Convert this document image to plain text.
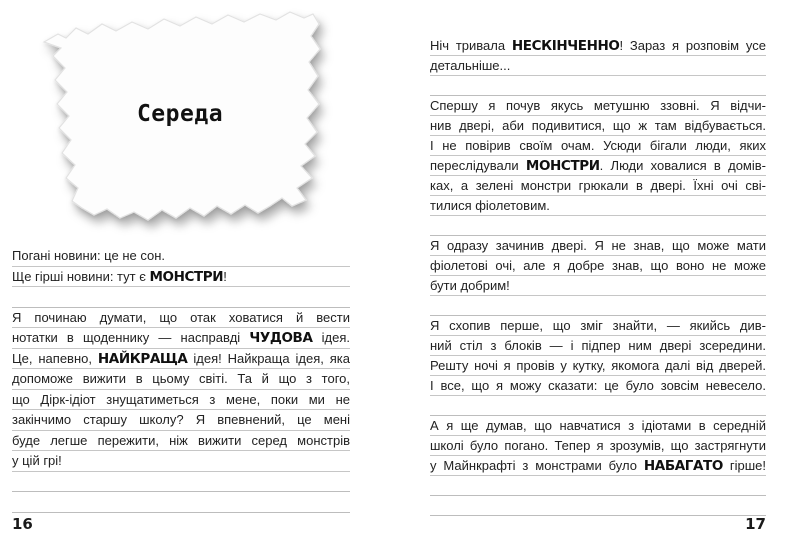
Середа
Погані новини: це не сон.
Ще гірші новини: тут є МОНСТРИ!
Я починаю думати, що отак ховатися й вести
нотатки в щоденнику — насправді ЧУДОВА ідея.
Це, напевно, НАЙКРАЩА ідея! Найкраща ідея, яка
допоможе вижити в цьому світі. Та й що з того,
що Дірк-ідіот знущатиметься з мене, поки ми не
закінчимо старшу школу? Я впевнений, це мені
буде легше пережити, ніж вижити серед монстрів
у цій грі!
Ніч тривала НЕСКІНЧЕННО! Зараз я розповім усе
детальніше...
Спершу я почув якусь метушню ззовні. Я відчи-
нив двері, аби подивитися, що ж там відбувається.
І не повірив своїм очам. Усюди бігали люди, яких
переслідували МОНСТРИ. Люди ховалися в домів-
ках, а зелені монстри грюкали в двері. Їхні очі сві-
тилися фіолетовим.
Я одразу зачинив двері. Я не знав, що може мати
фіолетові очі, але я добре знав, що воно не може
бути добрим!
Я схопив перше, що зміг знайти, — якийсь див-
ний стіл з блоків — і підпер ним двері зсередини.
Решту ночі я провів у кутку, якомога далі від дверей.
І все, що я можу сказати: це було зовсім невесело.
А я ще думав, що навчатися з ідіотами в середній
школі було погано. Тепер я зрозумів, що застрягнути
у Майнкрафті з монстрами було НАБАГАТО гірше!
16	17
